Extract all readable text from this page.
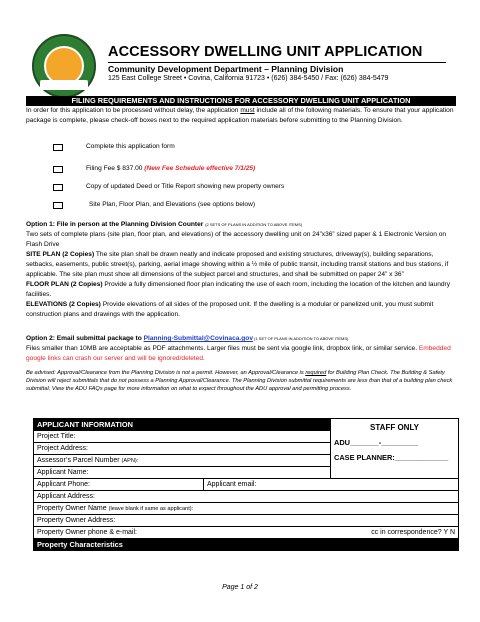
ACCESSORY DWELLING UNIT APPLICATION
Community Development Department – Planning Division
125 East College Street • Covina, California 91723 • (626) 384-5450 / Fax: (626) 384-5479
FILING REQUIREMENTS AND INSTRUCTIONS FOR ACCESSORY DWELLING UNIT APPLICATION
In order for this application to be processed without delay, the application must include all of the following materials. To ensure that your application package is complete, please check-off boxes next to the required application materials before submitting to the Planning Division.
Complete this application form
Filing Fee $ 837.00 (New Fee Schedule effective 7/1/25)
Copy of updated Deed or Title Report showing new property owners
Site Plan, Floor Plan, and Elevations (see options below)
Option 1: File in person at the Planning Division Counter (2 SETS OF PLANS IN ADDITION TO ABOVE ITEMS)
Two sets of complete plans (site plan, floor plan, and elevations) of the accessory dwelling unit on 24”x36” sized paper & 1 Electronic Version on Flash Drive
SITE PLAN (2 Copies) The site plan shall be drawn neatly and indicate proposed and existing structures, driveway(s), building separations, setbacks, easements, public street(s), parking, aerial image showing within a ½ mile of public transit, including transit stations and bus stations, if applicable. The site plan must show all dimensions of the subject parcel and structures, and shall be submitted on paper 24” x 36”
FLOOR PLAN (2 Copies) Provide a fully dimensioned floor plan indicating the use of each room, including the location of the kitchen and laundry facilities.
ELEVATIONS (2 Copies) Provide elevations of all sides of the proposed unit. If the dwelling is a modular or panelized unit, you must submit construction plans and drawings with the application.
Option 2: Email submittal package to Planning-Submittal@Covinaca.gov (1 SET OF PLANS IN ADDITION TO ABOVE ITEMS)
Files smaller than 10MB are acceptable as PDF attachments. Larger files must be sent via google link, dropbox link, or similar service. Embedded google links can crash our server and will be ignored/deleted.
Be advised: Approval/Clearance from the Planning Division is not a permit. However, an Approval/Clearance is required for Building Plan Check. The Building & Safety Division will reject submittals that do not possess a Planning Approval/Clearance. The Planning Division submittal requirements are less than that of a building plan check submittal. View the ADU FAQs page for more information on what to expect throughout the ADU approval and permitting process.
APPLICANT INFORMATION		STAFF ONLY
ADU_______-_________
CASE PLANNER:_____________

Project Title:		
Project Address:		
Assessor’s Parcel Number (APN):		
Applicant Name:		
Applicant Phone:	Applicant email:	
Applicant Address:		
Property Owner Name (leave blank if same as applicant):		
Property Owner Address:		
Property Owner phone & e-mail: cc in correspondence? Y N		

Property Characteristics		
Page 1 of 2
